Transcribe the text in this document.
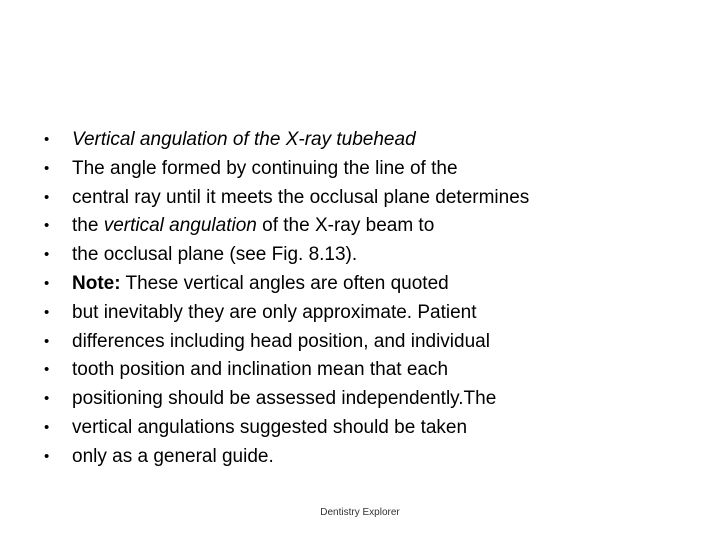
• Vertical angulation of the X-ray tubehead
• The angle formed by continuing the line of the
• central ray until it meets the occlusal plane determines
• the vertical angulation of the X-ray beam to
• the occlusal plane (see Fig. 8.13).
• Note: These vertical angles are often quoted
• but inevitably they are only approximate. Patient
• differences including head position, and individual
• tooth position and inclination mean that each
• positioning should be assessed independently.The
• vertical angulations suggested should be taken
• only as a general guide.
Dentistry Explorer
